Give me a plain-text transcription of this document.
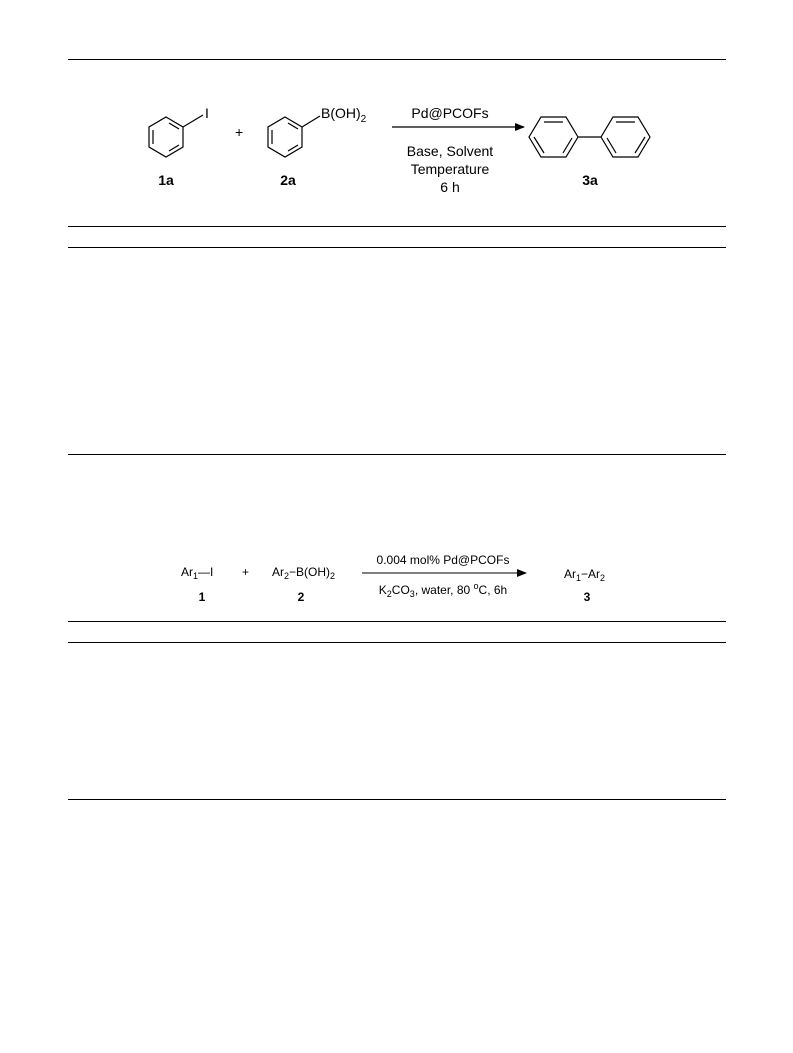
I
+
$B(OH)_2$	Pd@PCOFs
Base, Solvent
Temperature
6 h
1a	2a	3a
$Ar_1—I + Ar_2-B(OH)_2$
0.004 mol% Pd@PCOFs
$K_2CO_3$, water, 80 $^o$C, 6h
$Ar_1-Ar_2$
1	2	3
